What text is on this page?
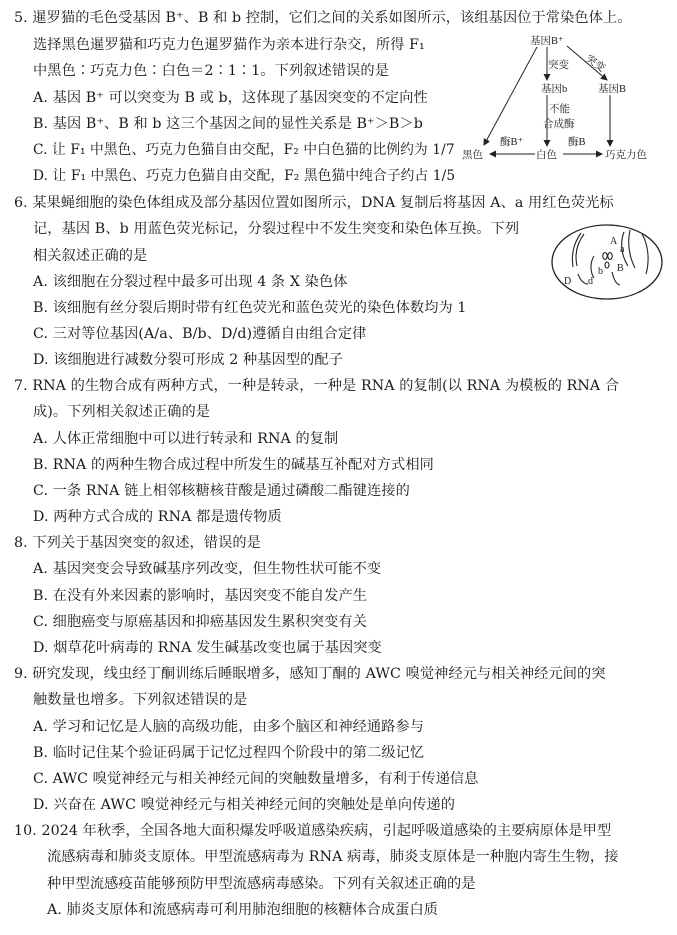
5. 暹罗猫的毛色受基因 B⁺、B 和 b 控制，它们之间的关系如图所示，该组基因位于常染色体上。
选择黑色暹罗猫和巧克力色暹罗猫作为亲本进行杂交，所得 F₁
中黑色∶巧克力色∶白色＝2∶1∶1。下列叙述错误的是
A. 基因 B⁺ 可以突变为 B 或 b，这体现了基因突变的不定向性
B. 基因 B⁺、B 和 b 这三个基因之间的显性关系是 B⁺＞B＞b
C. 让 F₁ 中黑色、巧克力色猫自由交配，F₂ 中白色猫的比例约为 1/7
D. 让 F₁ 中黑色、巧克力色猫自由交配，F₂ 黑色猫中纯合子约占 1/5
基因B⁺
突变 突变
基因b	基因B
不能
合成酶
酶B⁺	酶B
黑色	白色	巧克力色
6. 某果蝇细胞的染色体组成及部分基因位置如图所示，DNA 复制后将基因 A、a 用红色荧光标
记，基因 B、b 用蓝色荧光标记，分裂过程中不发生突变和染色体互换。下列
相关叙述正确的是
A. 该细胞在分裂过程中最多可出现 4 条 X 染色体
B. 该细胞有丝分裂后期时带有红色荧光和蓝色荧光的染色体数均为 1
C. 三对等位基因(A/a、B/b、D/d)遵循自由组合定律
D. 该细胞进行减数分裂可形成 2 种基因型的配子
A
a
b B
D d
7. RNA 的生物合成有两种方式，一种是转录，一种是 RNA 的复制(以 RNA 为模板的 RNA 合
成)。下列相关叙述正确的是
A. 人体正常细胞中可以进行转录和 RNA 的复制
B. RNA 的两种生物合成过程中所发生的碱基互补配对方式相同
C. 一条 RNA 链上相邻核糖核苷酸是通过磷酸二酯键连接的
D. 两种方式合成的 RNA 都是遗传物质
8. 下列关于基因突变的叙述，错误的是
A. 基因突变会导致碱基序列改变，但生物性状可能不变
B. 在没有外来因素的影响时，基因突变不能自发产生
C. 细胞癌变与原癌基因和抑癌基因发生累积突变有关
D. 烟草花叶病毒的 RNA 发生碱基改变也属于基因突变
9. 研究发现，线虫经丁酮训练后睡眠增多，感知丁酮的 AWC 嗅觉神经元与相关神经元间的突
触数量也增多。下列叙述错误的是
A. 学习和记忆是人脑的高级功能，由多个脑区和神经通路参与
B. 临时记住某个验证码属于记忆过程四个阶段中的第二级记忆
C. AWC 嗅觉神经元与相关神经元间的突触数量增多，有利于传递信息
D. 兴奋在 AWC 嗅觉神经元与相关神经元间的突触处是单向传递的
10. 2024 年秋季，全国各地大面积爆发呼吸道感染疾病，引起呼吸道感染的主要病原体是甲型
流感病毒和肺炎支原体。甲型流感病毒为 RNA 病毒，肺炎支原体是一种胞内寄生生物，接
种甲型流感疫苗能够预防甲型流感病毒感染。下列有关叙述正确的是
A. 肺炎支原体和流感病毒可利用肺泡细胞的核糖体合成蛋白质
